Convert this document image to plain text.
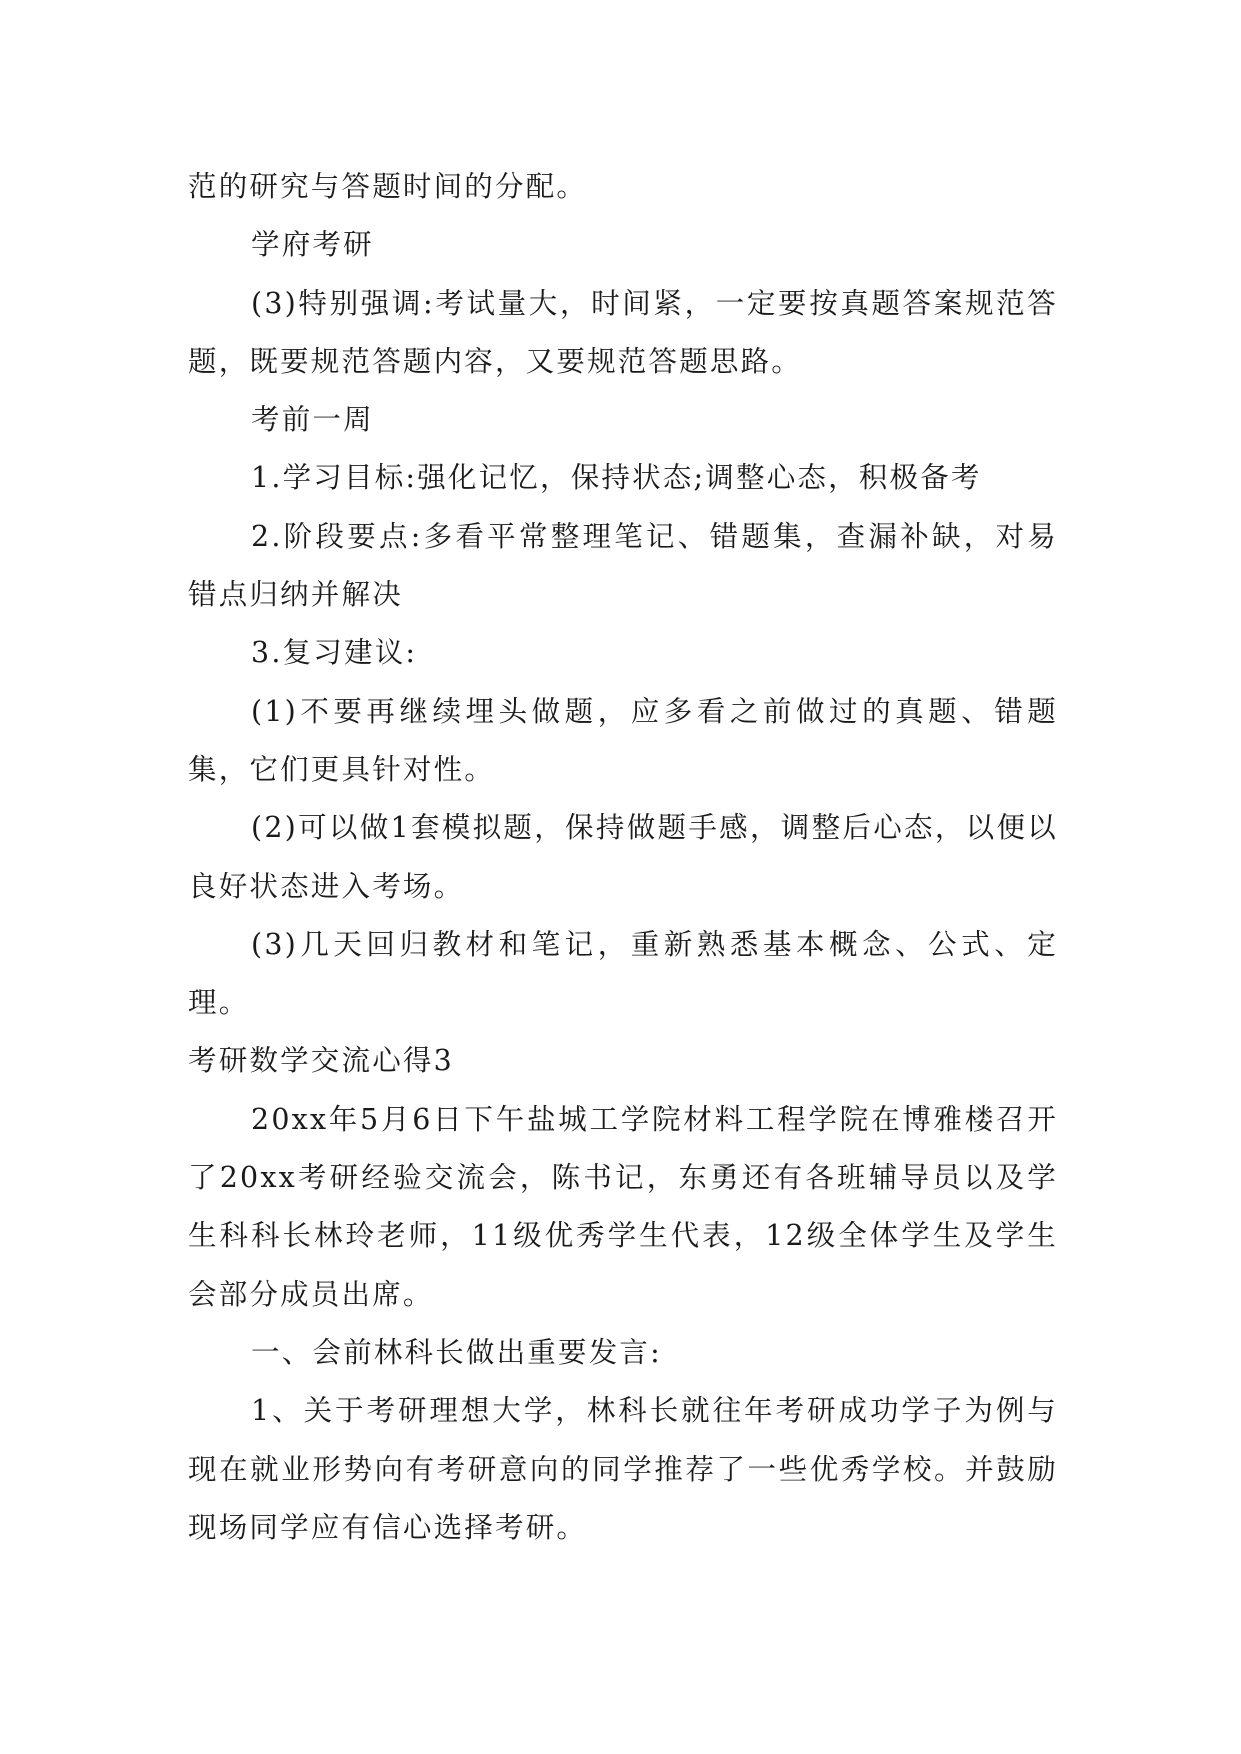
范的研究与答题时间的分配。

学府考研

(3)特别强调:考试量大，时间紧，一定要按真题答案规范答题，既要规范答题内容，又要规范答题思路。

考前一周

1.学习目标:强化记忆，保持状态;调整心态，积极备考

2.阶段要点:多看平常整理笔记、错题集，查漏补缺，对易错点归纳并解决

3.复习建议:

(1)不要再继续埋头做题，应多看之前做过的真题、错题集，它们更具针对性。

(2)可以做1套模拟题，保持做题手感，调整后心态，以便以良好状态进入考场。

(3)几天回归教材和笔记，重新熟悉基本概念、公式、定理。

考研数学交流心得3

20xx年5月6日下午盐城工学院材料工程学院在博雅楼召开了20xx考研经验交流会，陈书记，东勇还有各班辅导员以及学生科科长林玲老师，11级优秀学生代表，12级全体学生及学生会部分成员出席。

一、会前林科长做出重要发言:

1、关于考研理想大学，林科长就往年考研成功学子为例与现在就业形势向有考研意向的同学推荐了一些优秀学校。并鼓励现场同学应有信心选择考研。
